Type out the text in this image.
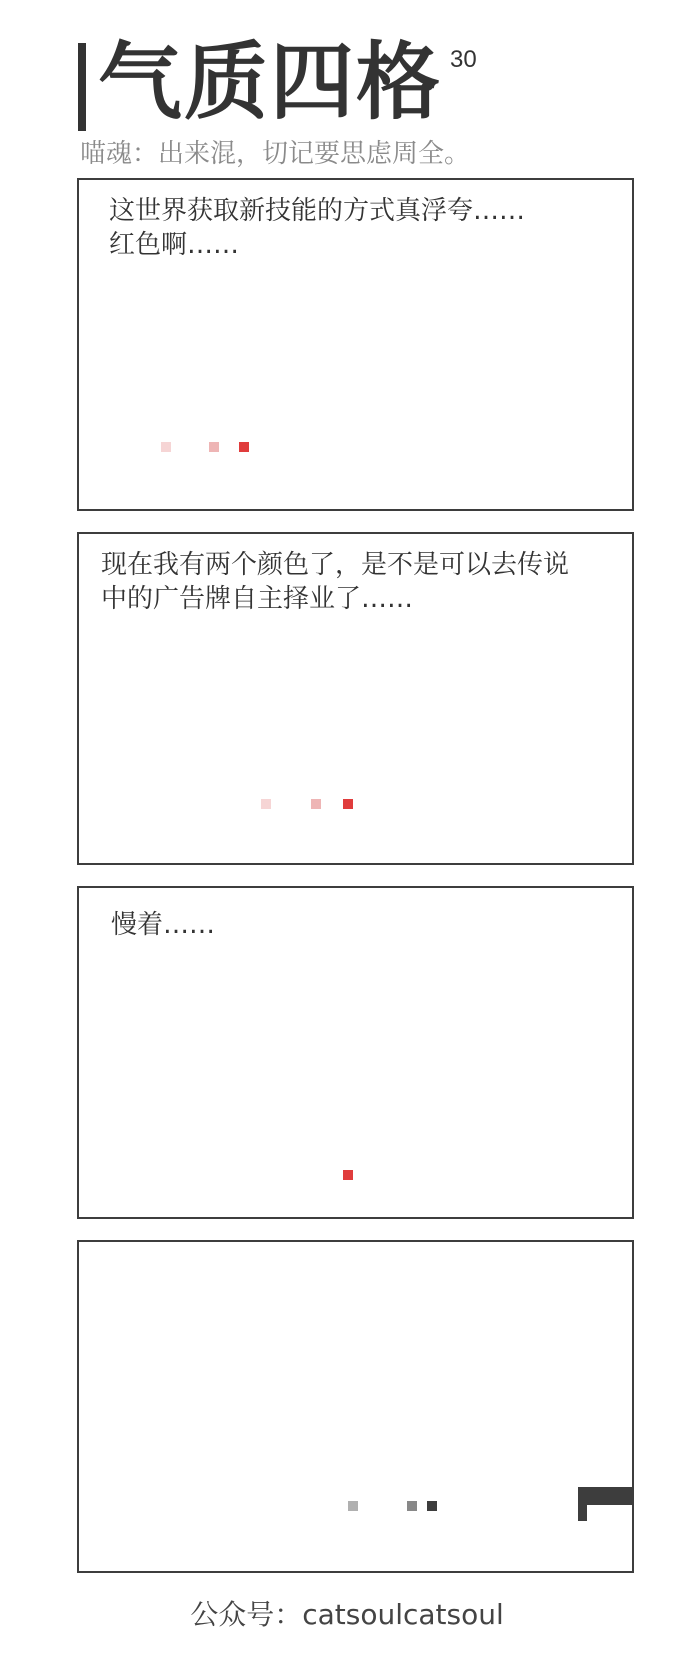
气质四格 30
喵魂：出来混，切记要思虑周全。
这世界获取新技能的方式真浮夸……
红色啊……
现在我有两个颜色了，是不是可以去传说
中的广告牌自主择业了……
慢着……
公众号：catsoulcatsoul
